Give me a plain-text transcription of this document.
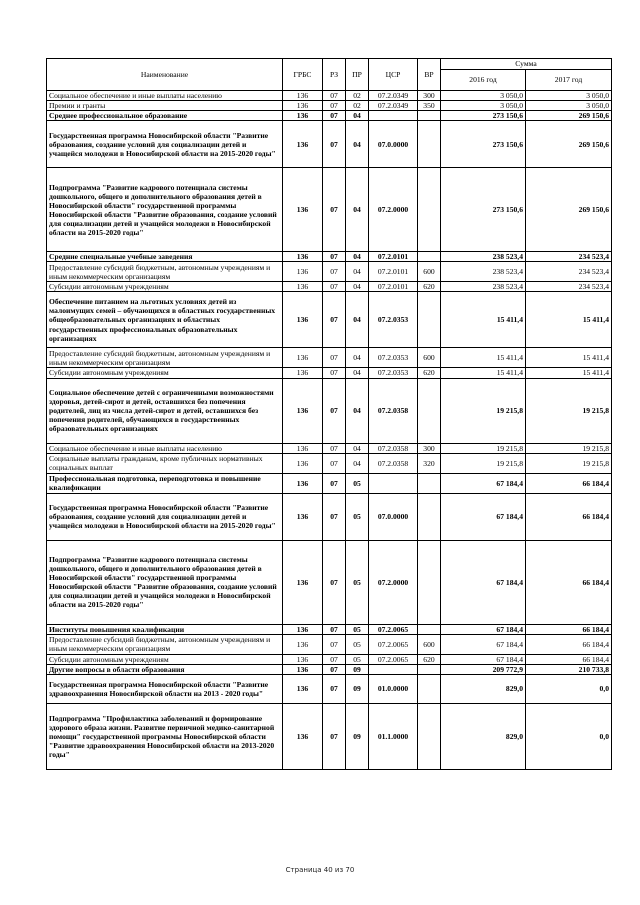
Наименование	ГРБС	РЗ	ПР	ЦСР	ВР	Сумма	
						2016 год	2017 год
Социальное обеспечение и иные выплаты населению	136	07	02	07.2.0349	300	3 050,0	3 050,0
Премии и гранты	136	07	02	07.2.0349	350	3 050,0	3 050,0
Среднее профессиональное образование	136	07	04			273 150,6	269 150,6
Государственная программа Новосибирской области "Развитие образования, создание условий для социализации детей и учащейся молодежи в Новосибирской области на 2015-2020 годы"	136	07	04	07.0.0000		273 150,6	269 150,6
Подпрограмма "Развитие кадрового потенциала системы дошкольного, общего и дополнительного образования детей в Новосибирской области" государственной программы Новосибирской области "Развитие образования, создание условий для социализации детей и учащейся молодежи в Новосибирской области на 2015-2020 годы"	136	07	04	07.2.0000		273 150,6	269 150,6
Средние специальные учебные заведения	136	07	04	07.2.0101		238 523,4	234 523,4
Предоставление субсидий бюджетным, автономным учреждениям и иным некоммерческим организациям	136	07	04	07.2.0101	600	238 523,4	234 523,4
Субсидии автономным учреждениям	136	07	04	07.2.0101	620	238 523,4	234 523,4
Обеспечение питанием на льготных условиях детей из малоимущих семей – обучающихся в областных государственных общеобразовательных организациях и областных государственных профессиональных образовательных организациях	136	07	04	07.2.0353		15 411,4	15 411,4
Предоставление субсидий бюджетным, автономным учреждениям и иным некоммерческим организациям	136	07	04	07.2.0353	600	15 411,4	15 411,4
Субсидии автономным учреждениям	136	07	04	07.2.0353	620	15 411,4	15 411,4
Социальное обеспечение детей с ограниченными возможностями здоровья, детей-сирот и детей, оставшихся без попечения родителей, лиц из числа детей-сирот и детей, оставшихся без попечения родителей, обучающихся в государственных образовательных организациях	136	07	04	07.2.0358		19 215,8	19 215,8
Социальное обеспечение и иные выплаты населению	136	07	04	07.2.0358	300	19 215,8	19 215,8
Социальные выплаты гражданам, кроме публичных нормативных социальных выплат	136	07	04	07.2.0358	320	19 215,8	19 215,8
Профессиональная подготовка, переподготовка и повышение квалификации	136	07	05			67 184,4	66 184,4
Государственная программа Новосибирской области "Развитие образования, создание условий для социализации детей и учащейся молодежи в Новосибирской области на 2015-2020 годы"	136	07	05	07.0.0000		67 184,4	66 184,4
Подпрограмма "Развитие кадрового потенциала системы дошкольного, общего и дополнительного образования детей в Новосибирской области" государственной программы Новосибирской области "Развитие образования, создание условий для социализации детей и учащейся молодежи в Новосибирской области на 2015-2020 годы"	136	07	05	07.2.0000		67 184,4	66 184,4
Институты повышения квалификации	136	07	05	07.2.0065		67 184,4	66 184,4
Предоставление субсидий бюджетным, автономным учреждениям и иным некоммерческим организациям	136	07	05	07.2.0065	600	67 184,4	66 184,4
Субсидии автономным учреждениям	136	07	05	07.2.0065	620	67 184,4	66 184,4
Другие вопросы в области образования	136	07	09			209 772,9	210 733,8
Государственная программа Новосибирской области "Развитие здравоохранения Новосибирской области на 2013 - 2020 годы"	136	07	09	01.0.0000		829,0	0,0
Подпрограмма "Профилактика заболеваний и формирование здорового образа жизни. Развитие первичной медико-санитарной помощи" государственной программы Новосибирской области "Развитие здравоохранения Новосибирской области на 2013-2020 годы"	136	07	09	01.1.0000		829,0	0,0
Страница 40 из 70
